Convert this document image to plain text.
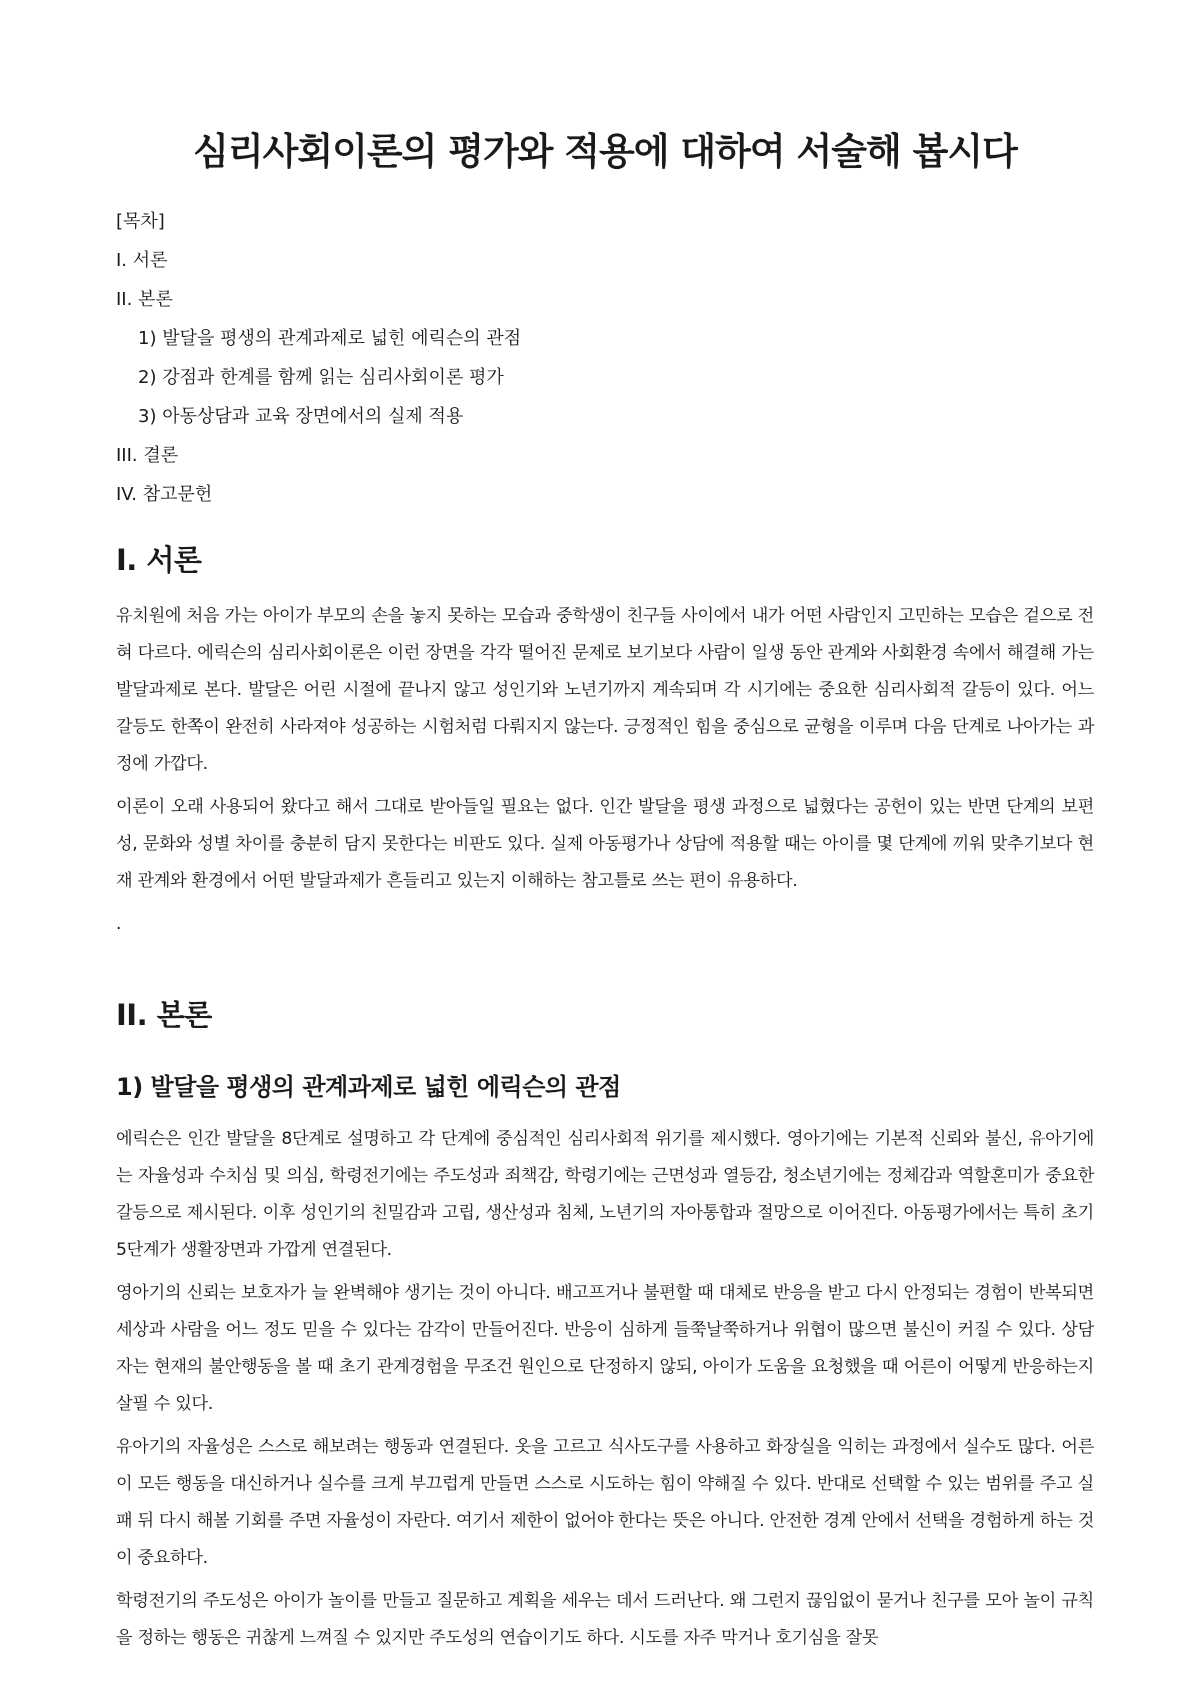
심리사회이론의 평가와 적용에 대하여 서술해 봅시다
[목차]
I. 서론
II. 본론
1) 발달을 평생의 관계과제로 넓힌 에릭슨의 관점
2) 강점과 한계를 함께 읽는 심리사회이론 평가
3) 아동상담과 교육 장면에서의 실제 적용
III. 결론
IV. 참고문헌
I. 서론

유치원에 처음 가는 아이가 부모의 손을 놓지 못하는 모습과 중학생이 친구들 사이에서 내가 어떤 사람인지 고민하는 모습은 겉으로 전혀 다르다. 에릭슨의 심리사회이론은 이런 장면을 각각 떨어진 문제로 보기보다 사람이 일생 동안 관계와 사회환경 속에서 해결해 가는 발달과제로 본다. 발달은 어린 시절에 끝나지 않고 성인기와 노년기까지 계속되며 각 시기에는 중요한 심리사회적 갈등이 있다. 어느 갈등도 한쪽이 완전히 사라져야 성공하는 시험처럼 다뤄지지 않는다. 긍정적인 힘을 중심으로 균형을 이루며 다음 단계로 나아가는 과정에 가깝다.

이론이 오래 사용되어 왔다고 해서 그대로 받아들일 필요는 없다. 인간 발달을 평생 과정으로 넓혔다는 공헌이 있는 반면 단계의 보편성, 문화와 성별 차이를 충분히 담지 못한다는 비판도 있다. 실제 아동평가나 상담에 적용할 때는 아이를 몇 단계에 끼워 맞추기보다 현재 관계와 환경에서 어떤 발달과제가 흔들리고 있는지 이해하는 참고틀로 쓰는 편이 유용하다.

.

II. 본론
1) 발달을 평생의 관계과제로 넓힌 에릭슨의 관점

에릭슨은 인간 발달을 8단계로 설명하고 각 단계에 중심적인 심리사회적 위기를 제시했다. 영아기에는 기본적 신뢰와 불신, 유아기에는 자율성과 수치심 및 의심, 학령전기에는 주도성과 죄책감, 학령기에는 근면성과 열등감, 청소년기에는 정체감과 역할혼미가 중요한 갈등으로 제시된다. 이후 성인기의 친밀감과 고립, 생산성과 침체, 노년기의 자아통합과 절망으로 이어진다. 아동평가에서는 특히 초기 5단계가 생활장면과 가깝게 연결된다.

영아기의 신뢰는 보호자가 늘 완벽해야 생기는 것이 아니다. 배고프거나 불편할 때 대체로 반응을 받고 다시 안정되는 경험이 반복되면 세상과 사람을 어느 정도 믿을 수 있다는 감각이 만들어진다. 반응이 심하게 들쭉날쭉하거나 위협이 많으면 불신이 커질 수 있다. 상담자는 현재의 불안행동을 볼 때 초기 관계경험을 무조건 원인으로 단정하지 않되, 아이가 도움을 요청했을 때 어른이 어떻게 반응하는지 살필 수 있다.

유아기의 자율성은 스스로 해보려는 행동과 연결된다. 옷을 고르고 식사도구를 사용하고 화장실을 익히는 과정에서 실수도 많다. 어른이 모든 행동을 대신하거나 실수를 크게 부끄럽게 만들면 스스로 시도하는 힘이 약해질 수 있다. 반대로 선택할 수 있는 범위를 주고 실패 뒤 다시 해볼 기회를 주면 자율성이 자란다. 여기서 제한이 없어야 한다는 뜻은 아니다. 안전한 경계 안에서 선택을 경험하게 하는 것이 중요하다.

학령전기의 주도성은 아이가 놀이를 만들고 질문하고 계획을 세우는 데서 드러난다. 왜 그런지 끊임없이 묻거나 친구를 모아 놀이 규칙을 정하는 행동은 귀찮게 느껴질 수 있지만 주도성의 연습이기도 하다. 시도를 자주 막거나 호기심을 잘못
